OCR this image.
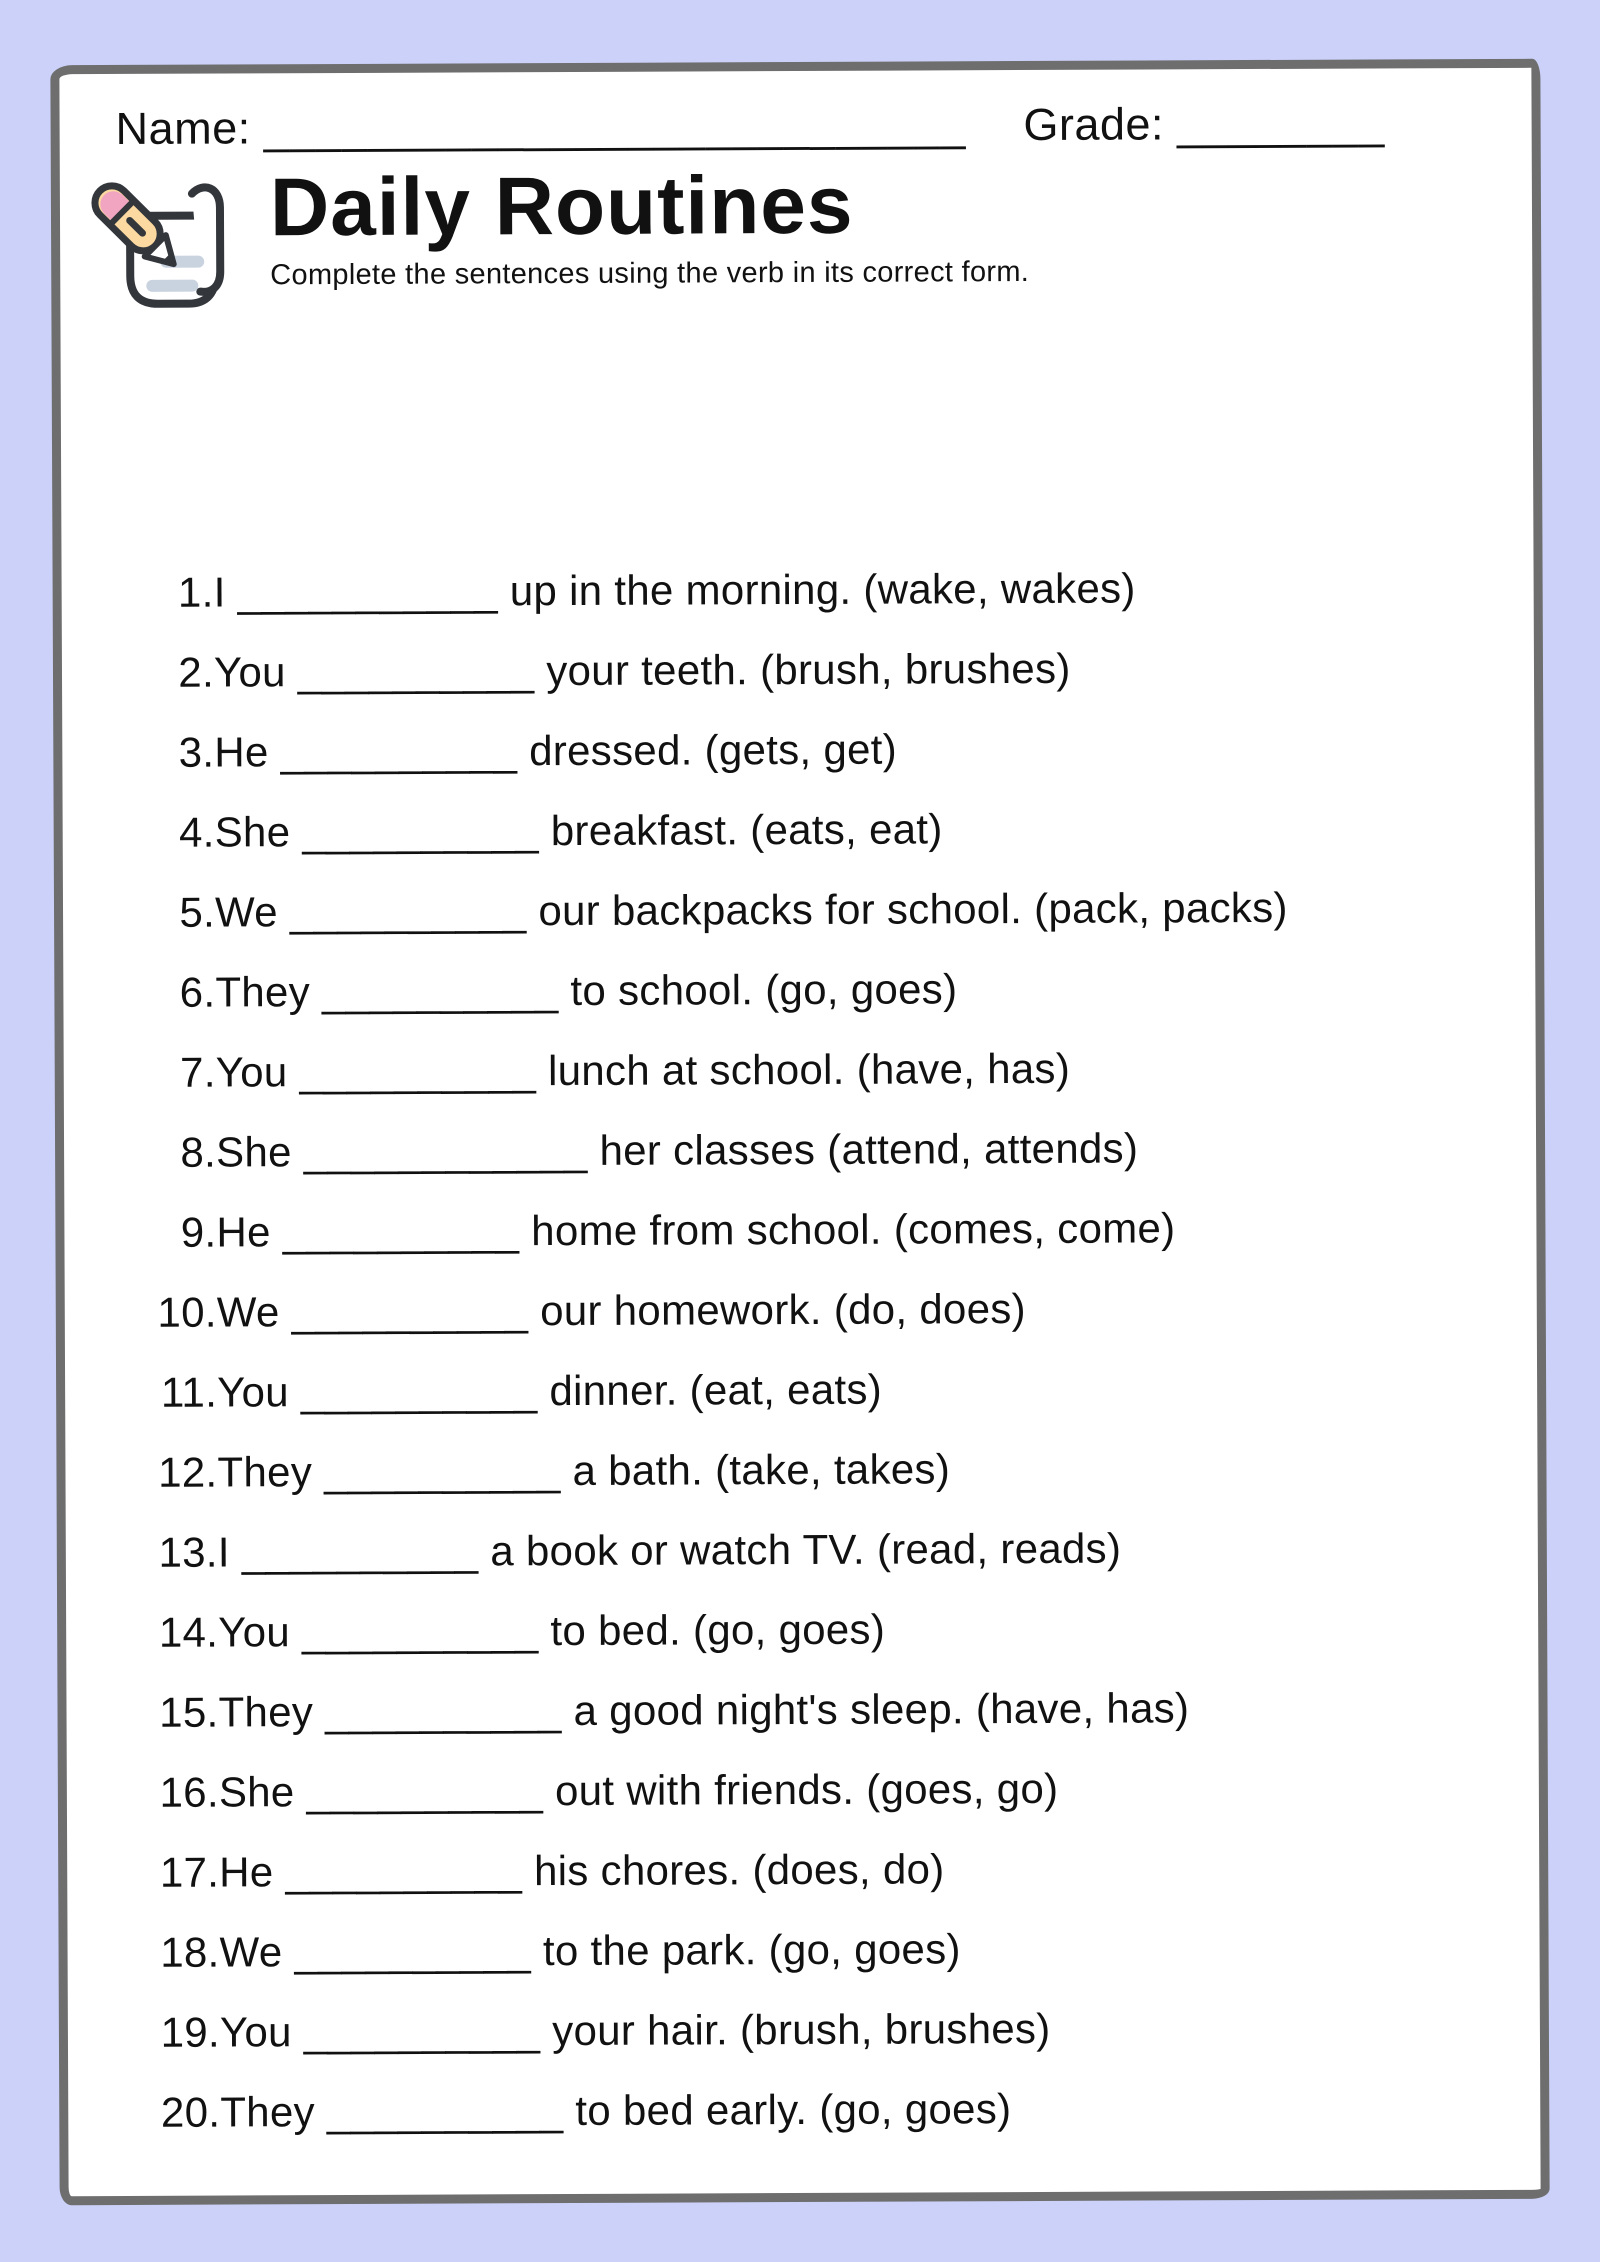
Name: ___________________________ Grade: ________
Daily Routines
Complete the sentences using the verb in its correct form.
1. I ___________ up in the morning. (wake, wakes)
2. You __________ your teeth. (brush, brushes)
3. He __________ dressed. (gets, get)
4. She __________ breakfast. (eats, eat)
5. We __________ our backpacks for school. (pack, packs)
6. They __________ to school. (go, goes)
7. You __________ lunch at school. (have, has)
8. She ____________ her classes (attend, attends)
9. He __________ home from school. (comes, come)
10. We __________ our homework. (do, does)
11. You __________ dinner. (eat, eats)
12. They __________ a bath. (take, takes)
13. I __________ a book or watch TV. (read, reads)
14. You __________ to bed. (go, goes)
15. They __________ a good night's sleep. (have, has)
16. She __________ out with friends. (goes, go)
17. He __________ his chores. (does, do)
18. We __________ to the park. (go, goes)
19. You __________ your hair. (brush, brushes)
20. They __________ to bed early. (go, goes)
